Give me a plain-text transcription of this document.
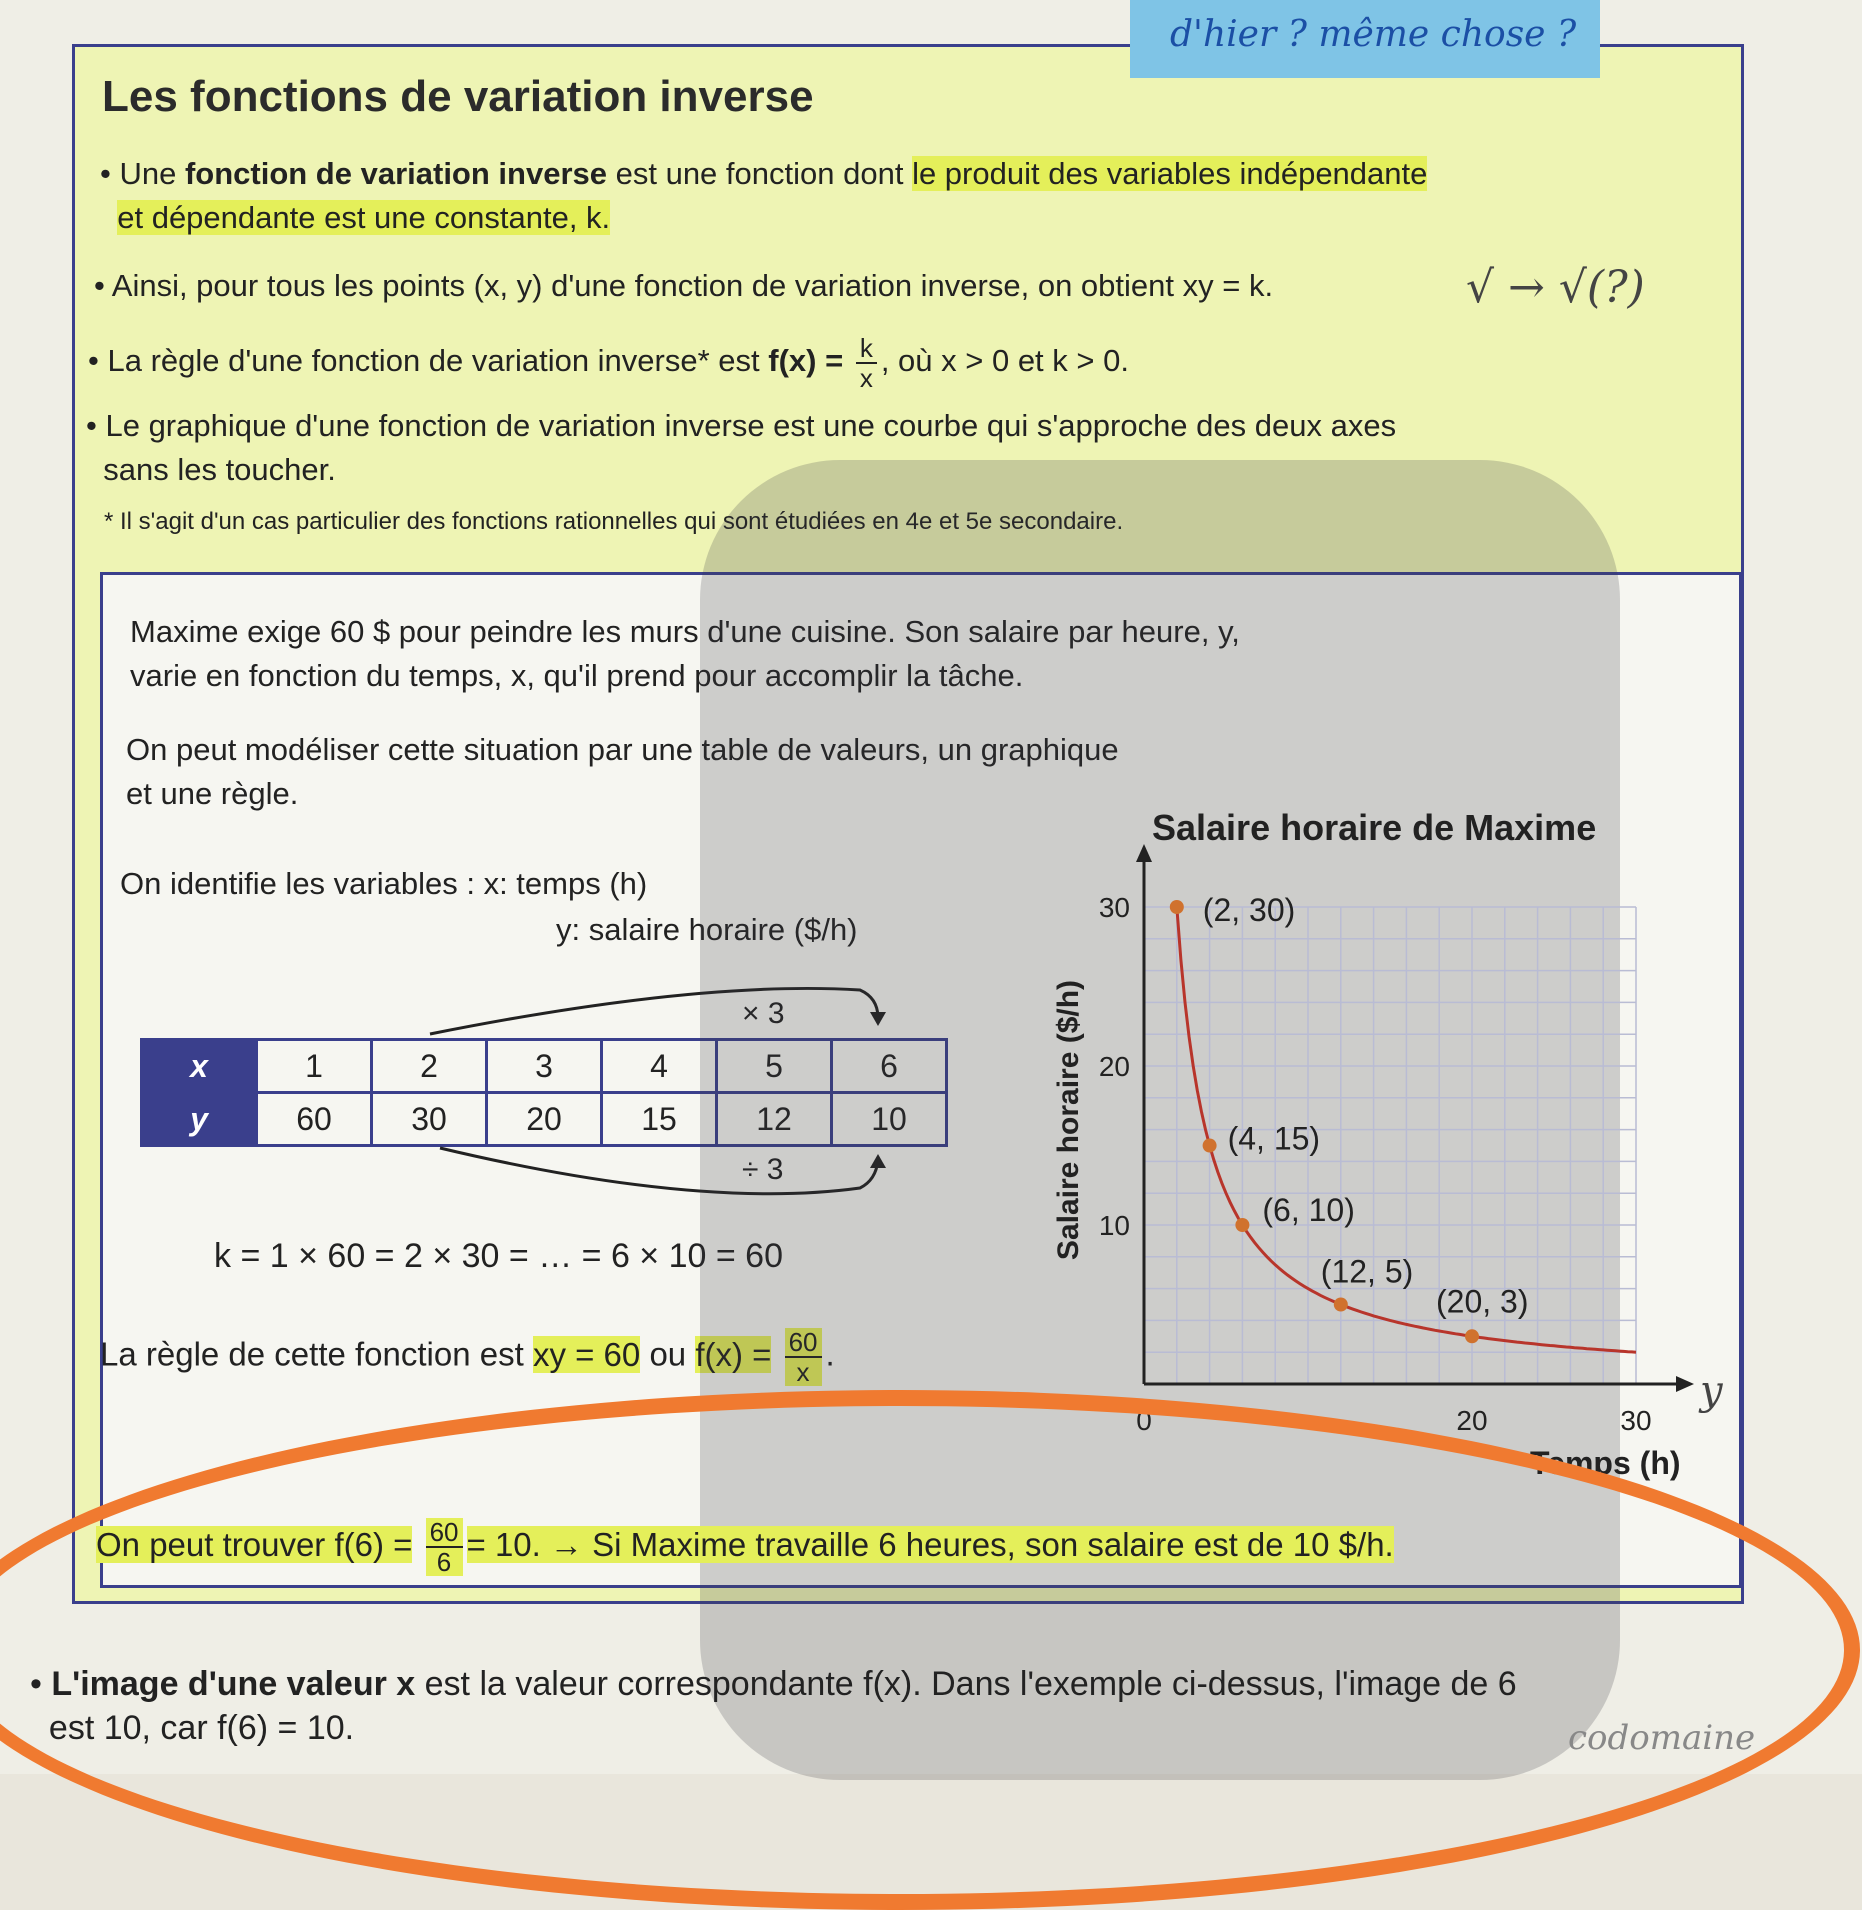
d'hier ? même chose ?
Les fonctions de variation inverse
• Une fonction de variation inverse est une fonction dont le produit des variables indépendante
et dépendante est une constante, k.
• Ainsi, pour tous les points (x, y) d'une fonction de variation inverse, on obtient xy = k.	√ → √(?)
• La règle d'une fonction de variation inverse* est $f(x) = \frac{k}{x}$ , où x > 0 et k > 0.
• Le graphique d'une fonction de variation inverse est une courbe qui s'approche des deux axes
sans les toucher.
* Il s'agit d'un cas particulier des fonctions rationnelles qui sont étudiées en 4e et 5e secondaire.
Maxime exige 60 $ pour peindre les murs d'une cuisine. Son salaire par heure, y,
varie en fonction du temps, x, qu'il prend pour accomplir la tâche.
On peut modéliser cette situation par une table de valeurs, un graphique
et une règle.
On identifie les variables : x: temps (h)
y: salaire horaire ($/h)
× 3
÷ 3
x	1	2	3	4	5	6
y	60	30	20	15	12	10
k = 1 × 60 = 2 × 30 = … = 6 × 10 = 60
La règle de cette fonction est xy = 60 ou $f(x) = \frac{60}{x}$ .
(2, 30)
(4, 15)
(6, 10)
(12, 5)
(20, 3)
0	20	30
10
20
30
Salaire horaire de Maxime
Salaire horaire ($/h)
Temps (h)
y
On peut trouver $f(6) = \frac{60}{6} = 10$. → Si Maxime travaille 6 heures, son salaire est de 10 $/h.
• L'image d'une valeur x est la valeur correspondante f(x). Dans l'exemple ci-dessus, l'image de 6
est 10, car f(6) = 10.	codomaine
